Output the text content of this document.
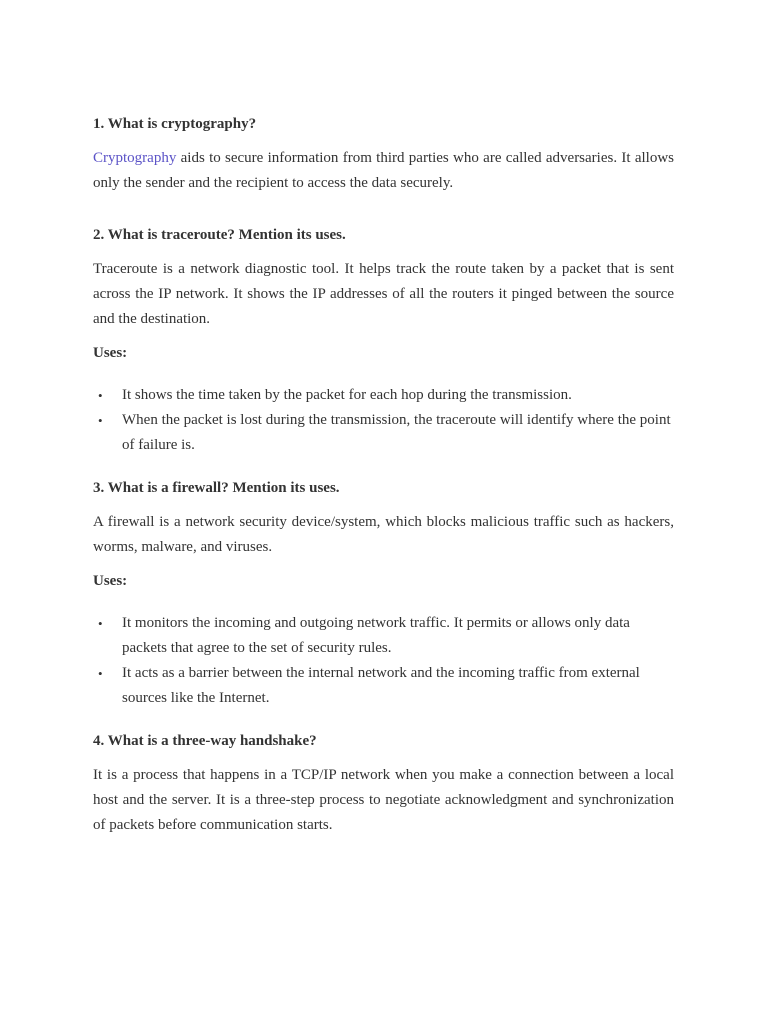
1. What is cryptography?

Cryptography aids to secure information from third parties who are called adversaries. It allows only the sender and the recipient to access the data securely.

2. What is traceroute? Mention its uses.

Traceroute is a network diagnostic tool. It helps track the route taken by a packet that is sent across the IP network. It shows the IP addresses of all the routers it pinged between the source and the destination.

Uses:
• It shows the time taken by the packet for each hop during the transmission.
• When the packet is lost during the transmission, the traceroute will identify where the point of failure is.
3. What is a firewall? Mention its uses.

A firewall is a network security device/system, which blocks malicious traffic such as hackers, worms, malware, and viruses.

Uses:
• It monitors the incoming and outgoing network traffic. It permits or allows only data packets that agree to the set of security rules.
• It acts as a barrier between the internal network and the incoming traffic from external sources like the Internet.
4. What is a three-way handshake?

It is a process that happens in a TCP/IP network when you make a connection between a local host and the server. It is a three-step process to negotiate acknowledgment and synchronization of packets before communication starts.
